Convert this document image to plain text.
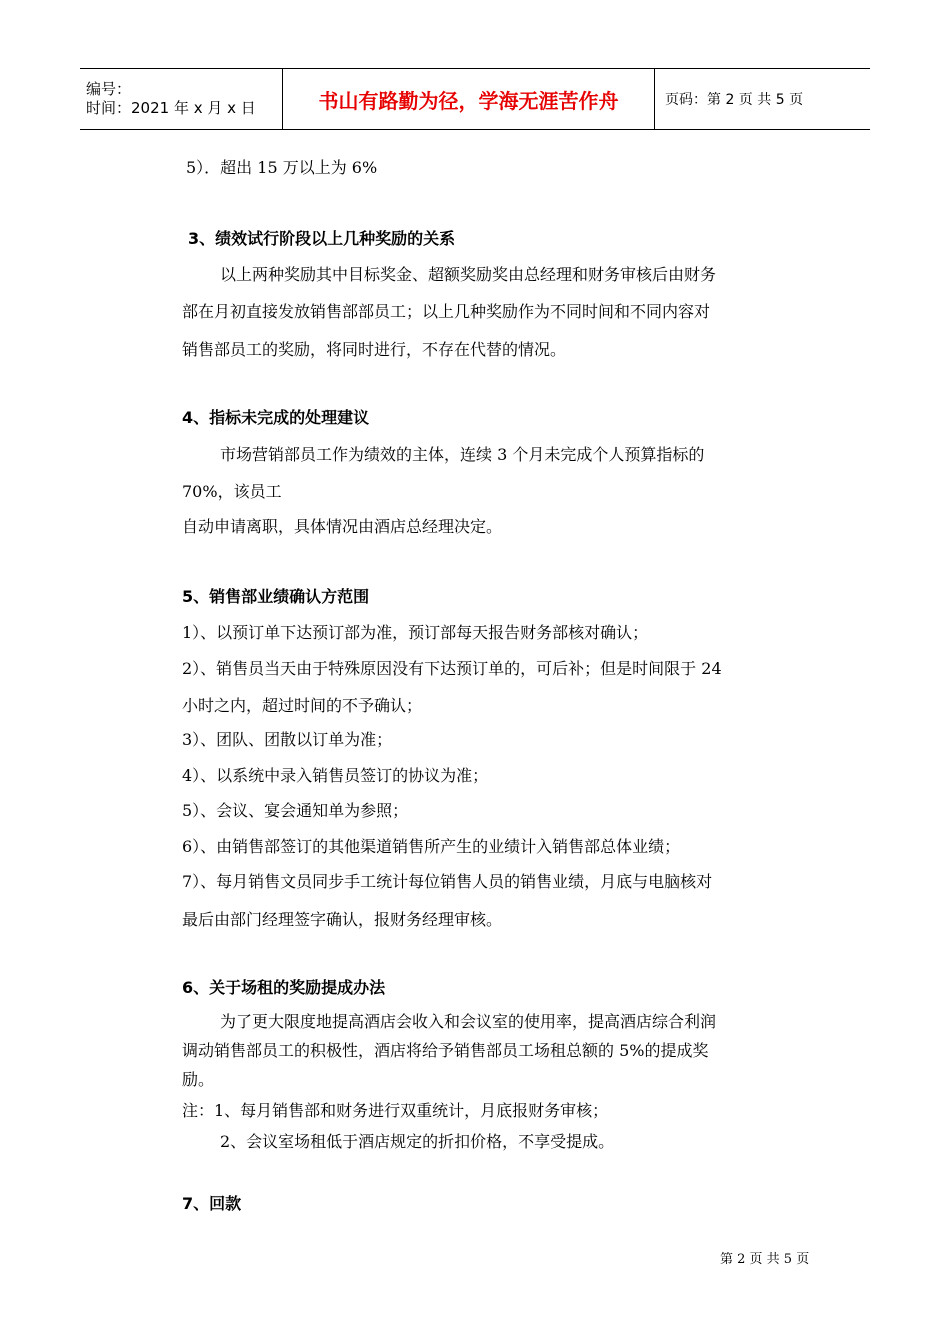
编号：
时间：2021 年 x 月 x 日	书山有路勤为径，学海无涯苦作舟	页码：第 2 页 共 5 页
5）．超出 15 万以上为 6%
3、绩效试行阶段以上几种奖励的关系
以上两种奖励其中目标奖金、超额奖励奖由总经理和财务审核后由财务
部在月初直接发放销售部部员工；以上几种奖励作为不同时间和不同内容对
销售部员工的奖励，将同时进行，不存在代替的情况。
4、指标未完成的处理建议
市场营销部员工作为绩效的主体，连续 3 个月未完成个人预算指标的
70%，该员工
自动申请离职，具体情况由酒店总经理决定。
5、销售部业绩确认方范围
1）、以预订单下达预订部为准，预订部每天报告财务部核对确认；
2）、销售员当天由于特殊原因没有下达预订单的，可后补；但是时间限于 24
小时之内，超过时间的不予确认；
3）、团队、团散以订单为准；
4）、以系统中录入销售员签订的协议为准；
5）、会议、宴会通知单为参照；
6）、由销售部签订的其他渠道销售所产生的业绩计入销售部总体业绩；
7）、每月销售文员同步手工统计每位销售人员的销售业绩，月底与电脑核对
最后由部门经理签字确认，报财务经理审核。
6、关于场租的奖励提成办法
为了更大限度地提高酒店会收入和会议室的使用率，提高酒店综合利润
调动销售部员工的积极性，酒店将给予销售部员工场租总额的 5%的提成奖
励。
注：1、每月销售部和财务进行双重统计，月底报财务审核；
2、会议室场租低于酒店规定的折扣价格，不享受提成。
7、回款
第 2 页 共 5 页
